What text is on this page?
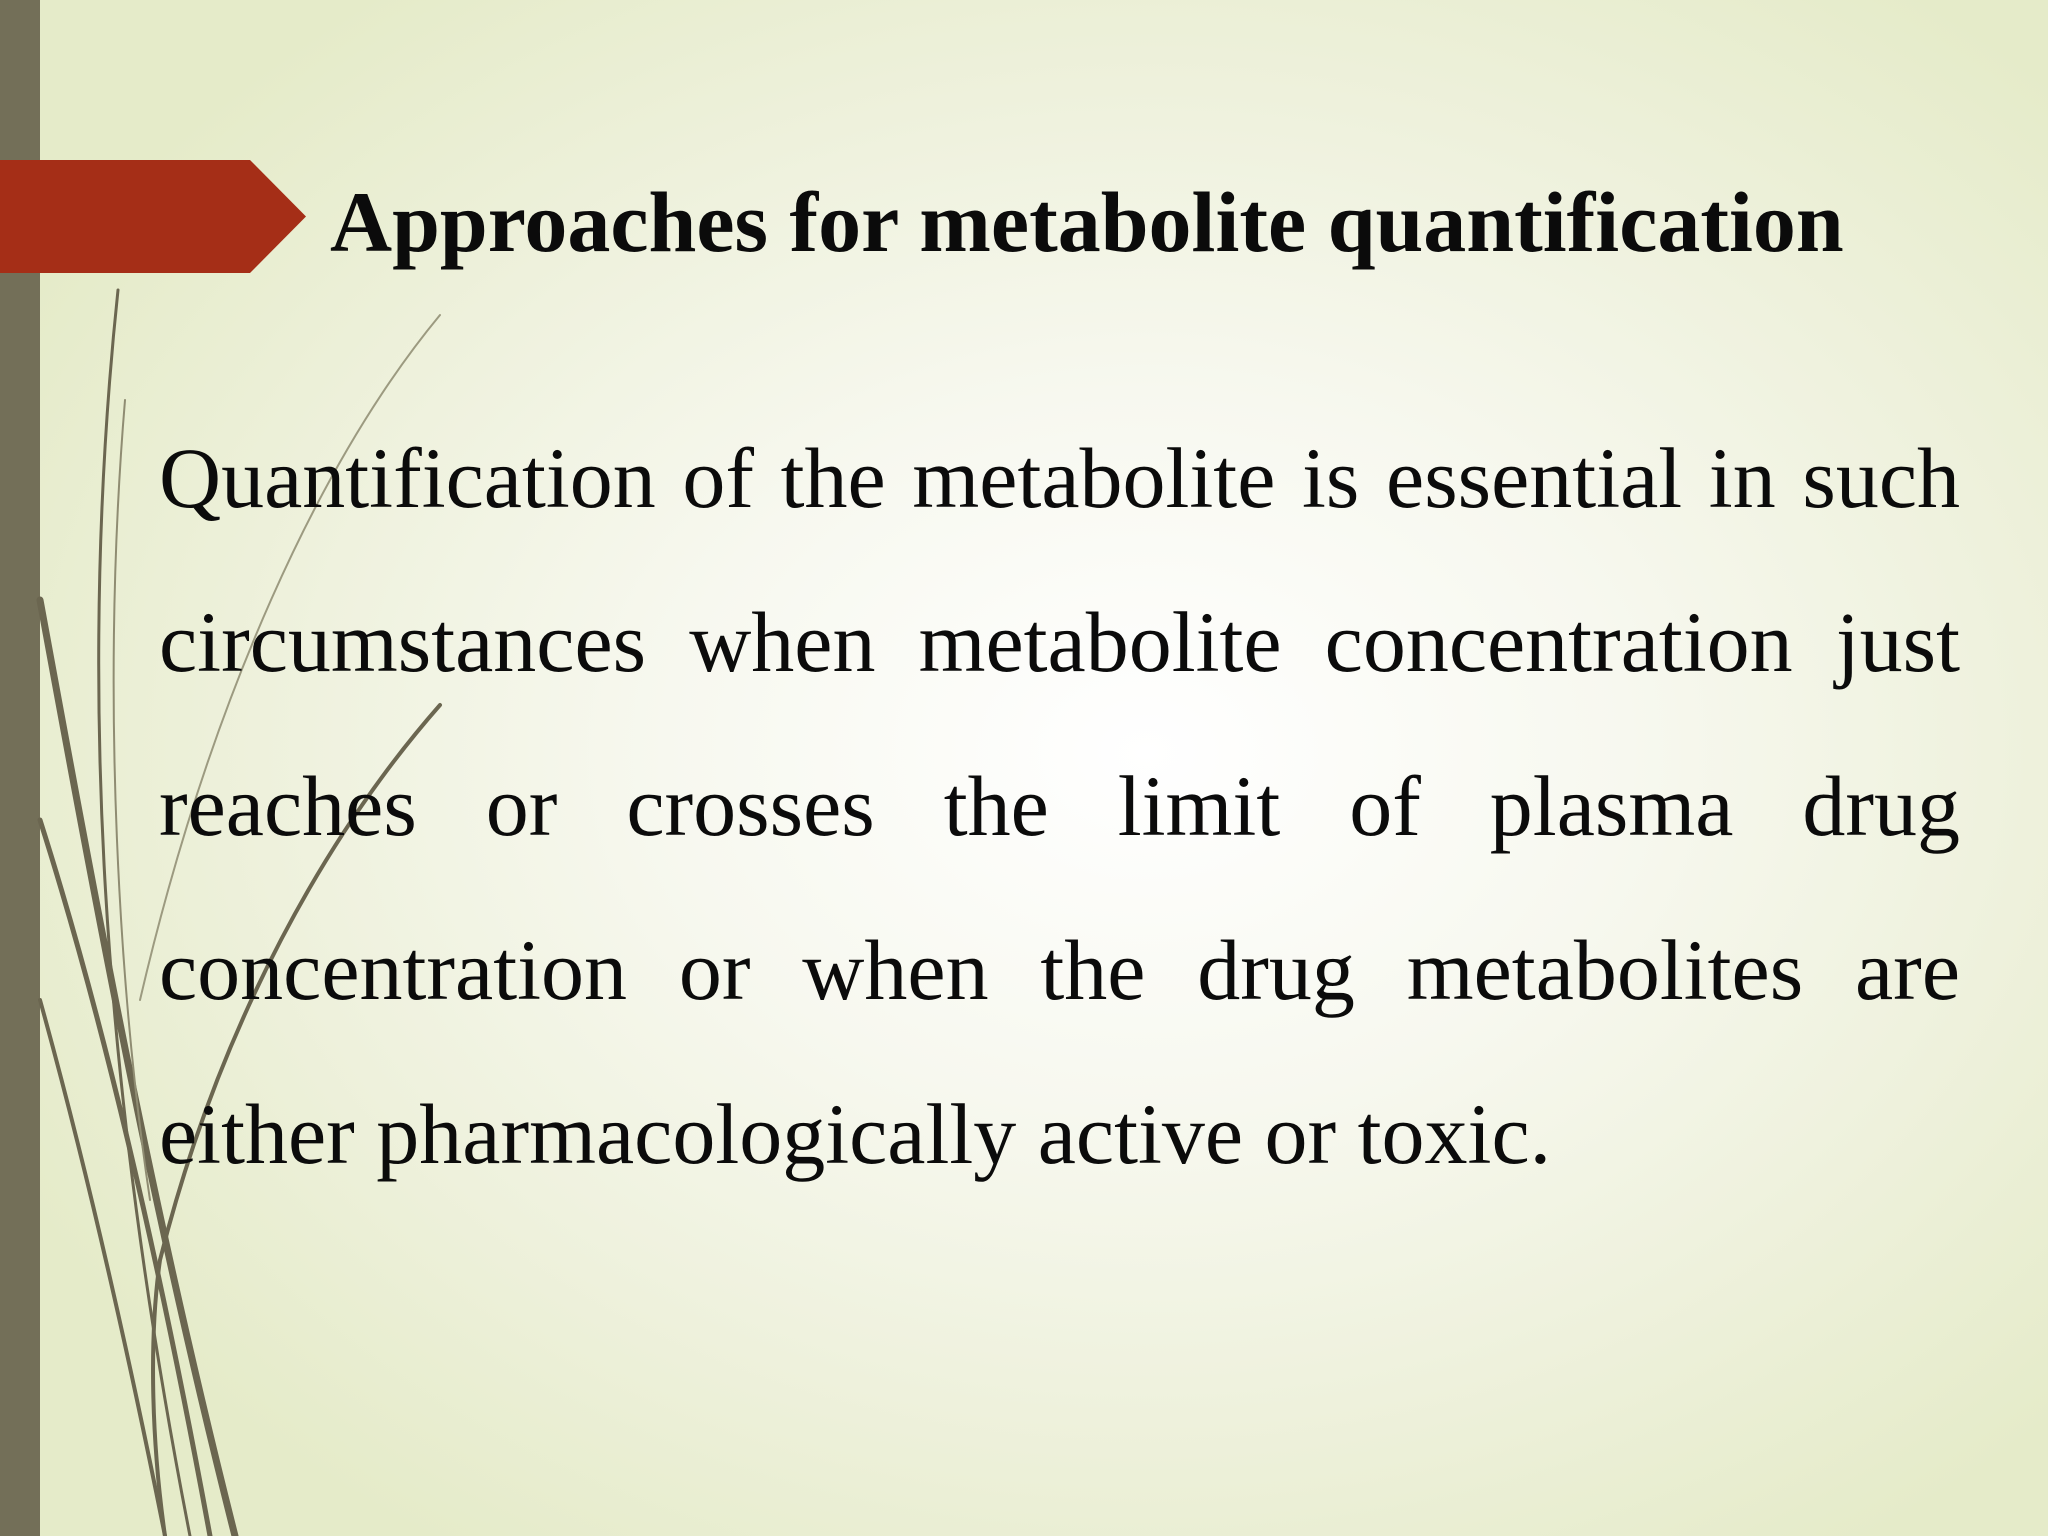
Approaches for metabolite quantification

Quantification of the metabolite is essential in such circumstances when metabolite concentration just reaches or crosses the limit of plasma drug concentration or when the drug metabolites are either pharmacologically active or toxic.
